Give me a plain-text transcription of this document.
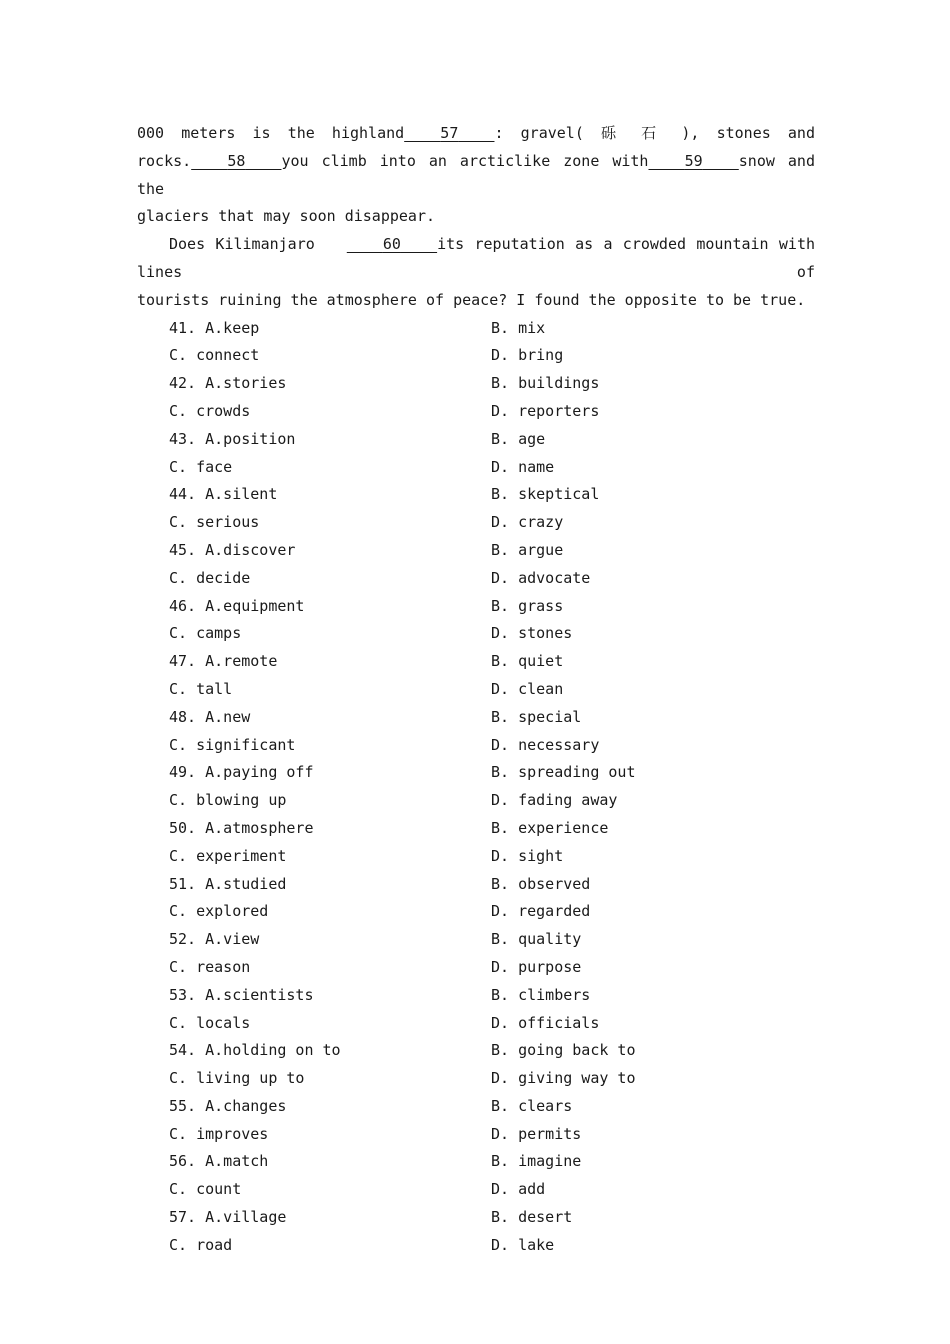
000 meters is the highland 57 : gravel( 砾 石 ), stones and

rocks. 58 you climb into an arcticlike zone with 59 snow and the

glaciers that may soon disappear.

Does Kilimanjaro	60 its reputation as a crowded mountain with lines of

tourists ruining the atmosphere of peace? I found the opposite to be true.

41. A.keep	B. mix
C. connect	D. bring
42. A.stories	B. buildings
C. crowds	D. reporters
43. A.position	B. age
C. face	D. name
44. A.silent	B. skeptical
C. serious	D. crazy
45. A.discover	B. argue
C. decide	D. advocate
46. A.equipment	B. grass
C. camps	D. stones
47. A.remote	B. quiet
C. tall	D. clean
48. A.new	B. special
C. significant	D. necessary
49. A.paying off	B. spreading out
C. blowing up	D. fading away
50. A.atmosphere	B. experience
C. experiment	D. sight
51. A.studied	B. observed
C. explored	D. regarded
52. A.view	B. quality
C. reason	D. purpose
53. A.scientists	B. climbers
C. locals	D. officials
54. A.holding on to	B. going back to
C. living up to	D. giving way to
55. A.changes	B. clears
C. improves	D. permits
56. A.match	B. imagine
C. count	D. add
57. A.village	B. desert
C. road	D. lake
